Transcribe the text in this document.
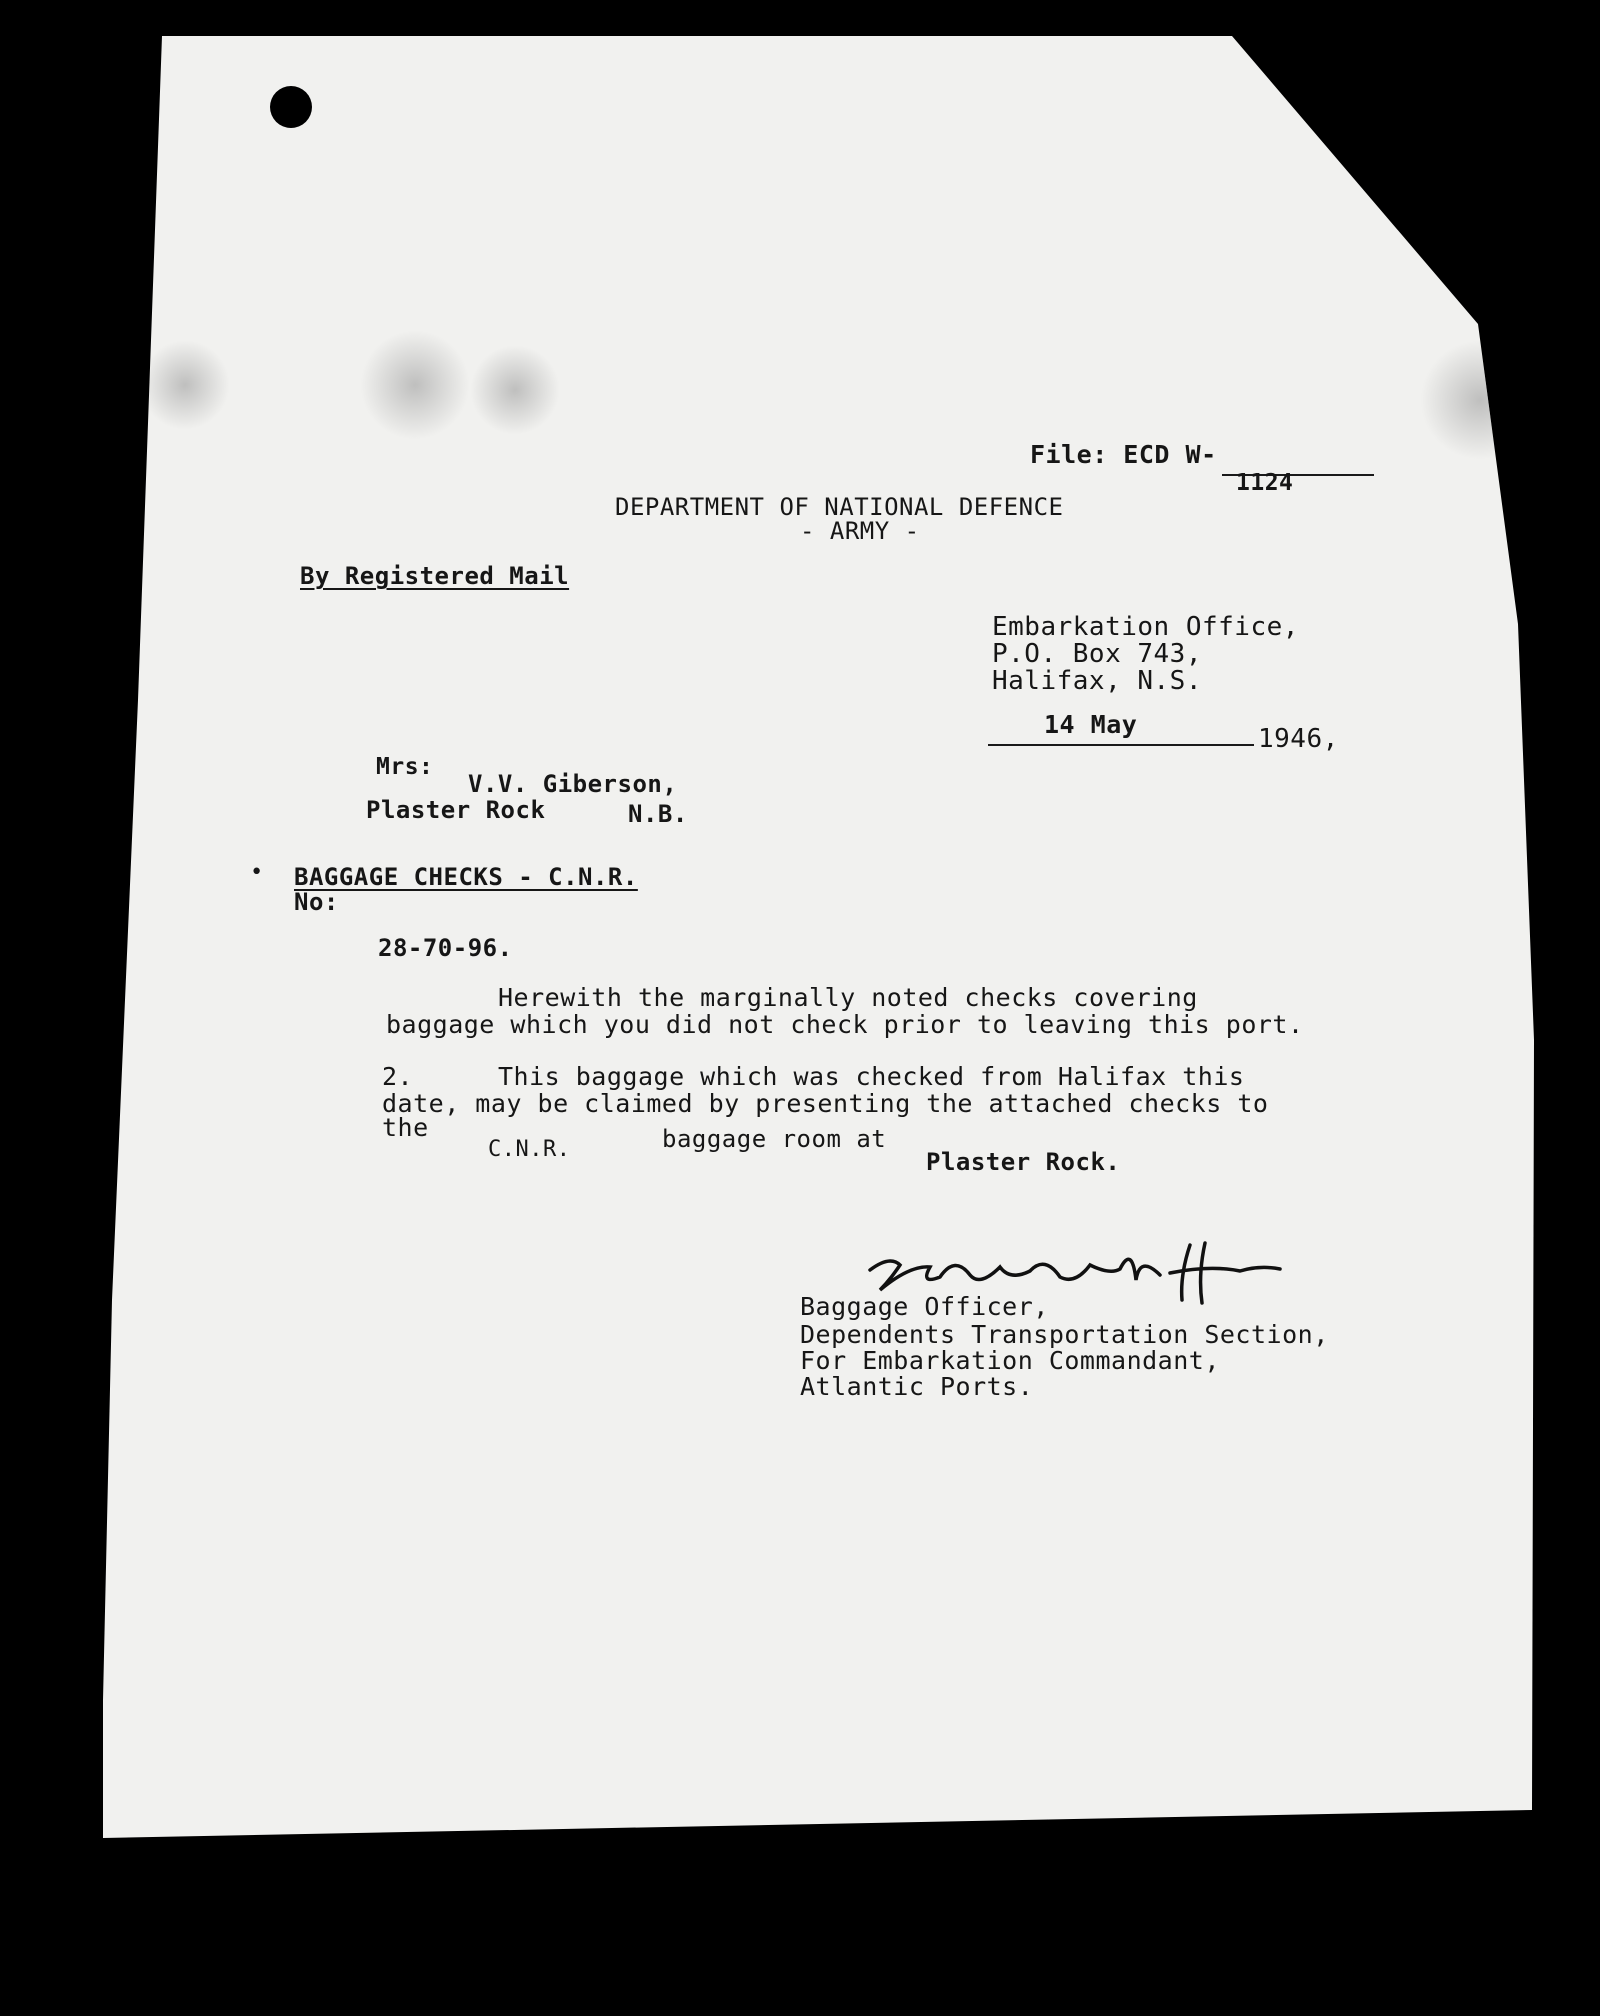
File: ECD W-
1124
DEPARTMENT OF NATIONAL DEFENCE
- ARMY -
By Registered Mail
Embarkation Office,
P.O. Box 743,
Halifax, N.S.
14 May	1946,
Mrs:
V.V. Giberson,
Plaster Rock	N.B.
• BAGGAGE CHECKS - C.N.R.
No:
28-70-96.
Herewith the marginally noted checks covering
baggage which you did not check prior to leaving this port.
2.	This baggage which was checked from Halifax this
date, may be claimed by presenting the attached checks to
the
C.N.R.	baggage room at
Plaster Rock.
Baggage Officer,
Dependents Transportation Section,
For Embarkation Commandant,
Atlantic Ports.
